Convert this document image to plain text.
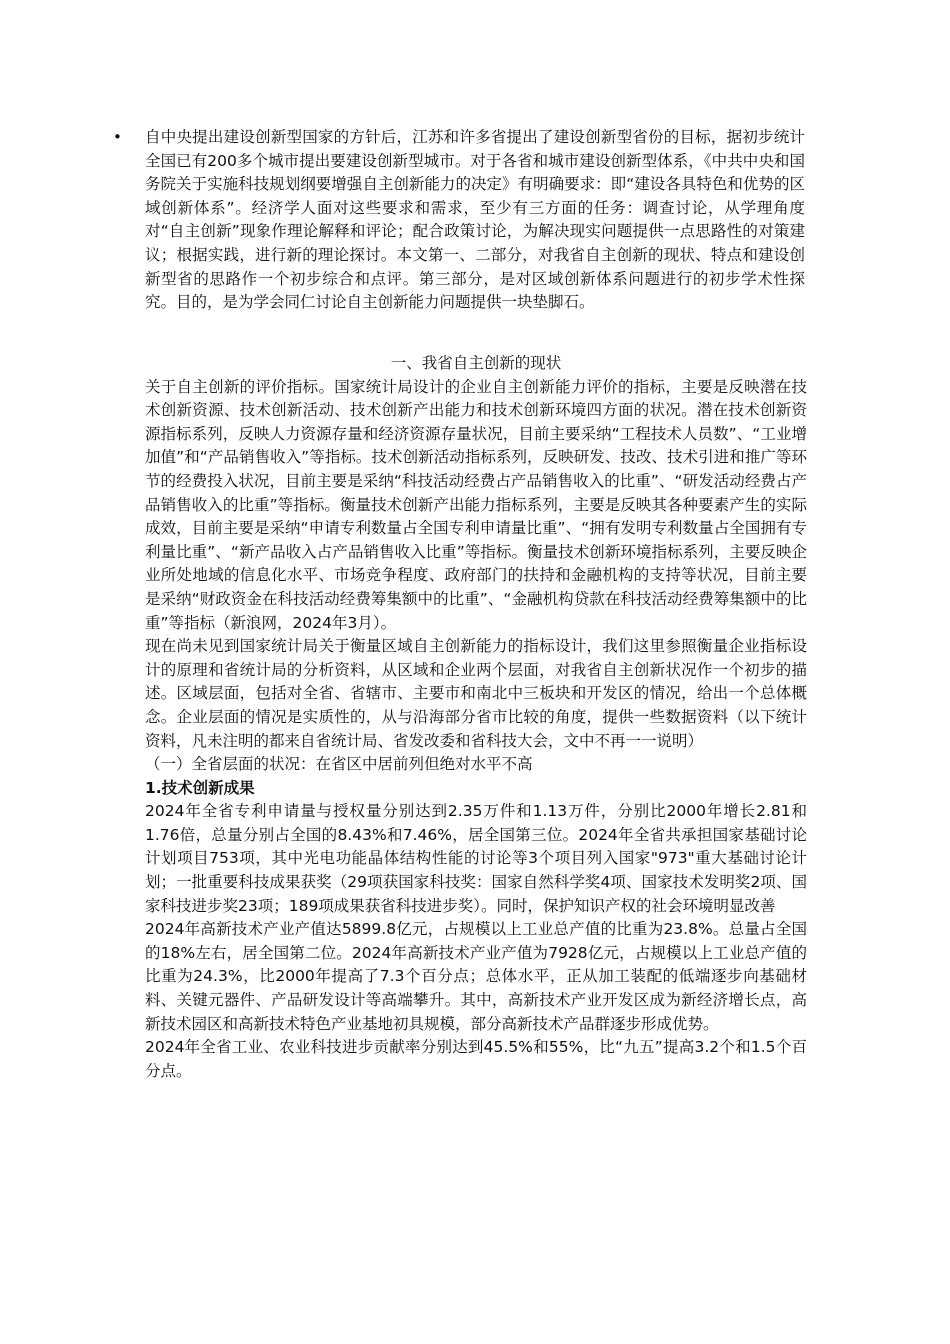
• 自中央提出建设创新型国家的方针后，江苏和许多省提出了建设创新型省份的目标，据初步统计全国已有200多个城市提出要建设创新型城市。对于各省和城市建设创新型体系，《中共中央和国务院关于实施科技规划纲要增强自主创新能力的决定》有明确要求：即“建设各具特色和优势的区域创新体系”。经济学人面对这些要求和需求，至少有三方面的任务：调查讨论，从学理角度对“自主创新”现象作理论解释和评论；配合政策讨论，为解决现实问题提供一点思路性的对策建议；根据实践，进行新的理论探讨。本文第一、二部分，对我省自主创新的现状、特点和建设创新型省的思路作一个初步综合和点评。第三部分，是对区域创新体系问题进行的初步学术性探究。目的，是为学会同仁讨论自主创新能力问题提供一块垫脚石。

一、我省自主创新的现状

关于自主创新的评价指标。国家统计局设计的企业自主创新能力评价的指标，主要是反映潜在技术创新资源、技术创新活动、技术创新产出能力和技术创新环境四方面的状况。潜在技术创新资源指标系列，反映人力资源存量和经济资源存量状况，目前主要采纳“工程技术人员数”、“工业增加值”和“产品销售收入”等指标。技术创新活动指标系列，反映研发、技改、技术引进和推广等环节的经费投入状况，目前主要是采纳“科技活动经费占产品销售收入的比重”、“研发活动经费占产品销售收入的比重”等指标。衡量技术创新产出能力指标系列，主要是反映其各种要素产生的实际成效，目前主要是采纳“申请专利数量占全国专利申请量比重”、“拥有发明专利数量占全国拥有专利量比重”、“新产品收入占产品销售收入比重”等指标。衡量技术创新环境指标系列，主要反映企业所处地域的信息化水平、市场竞争程度、政府部门的扶持和金融机构的支持等状况，目前主要是采纳“财政资金在科技活动经费筹集额中的比重”、“金融机构贷款在科技活动经费筹集额中的比重”等指标（新浪网，2024年3月）。

现在尚未见到国家统计局关于衡量区域自主创新能力的指标设计，我们这里参照衡量企业指标设计的原理和省统计局的分析资料，从区域和企业两个层面，对我省自主创新状况作一个初步的描述。区域层面，包括对全省、省辖市、主要市和南北中三板块和开发区的情况，给出一个总体概念。企业层面的情况是实质性的，从与沿海部分省市比较的角度，提供一些数据资料（以下统计资料，凡未注明的都来自省统计局、省发改委和省科技大会，文中不再一一说明）

（一）全省层面的状况：在省区中居前列但绝对水平不高

1.技术创新成果

2024年全省专利申请量与授权量分别达到2.35万件和1.13万件，分别比2000年增长2.81和1.76倍，总量分别占全国的8.43%和7.46%，居全国第三位。2024年全省共承担国家基础讨论计划项目753项，其中光电功能晶体结构性能的讨论等3个项目列入国家"973"重大基础讨论计划；一批重要科技成果获奖（29项获国家科技奖：国家自然科学奖4项、国家技术发明奖2项、国家科技进步奖23项；189项成果获省科技进步奖）。同时，保护知识产权的社会环境明显改善

2024年高新技术产业产值达5899.8亿元，占规模以上工业总产值的比重为23.8%。总量占全国的18%左右，居全国第二位。2024年高新技术产业产值为7928亿元，占规模以上工业总产值的比重为24.3%，比2000年提高了7.3个百分点；总体水平，正从加工装配的低端逐步向基础材料、关键元器件、产品研发设计等高端攀升。其中，高新技术产业开发区成为新经济增长点，高新技术园区和高新技术特色产业基地初具规模，部分高新技术产品群逐步形成优势。

2024年全省工业、农业科技进步贡献率分别达到45.5%和55%，比“九五”提高3.2个和1.5个百分点。
